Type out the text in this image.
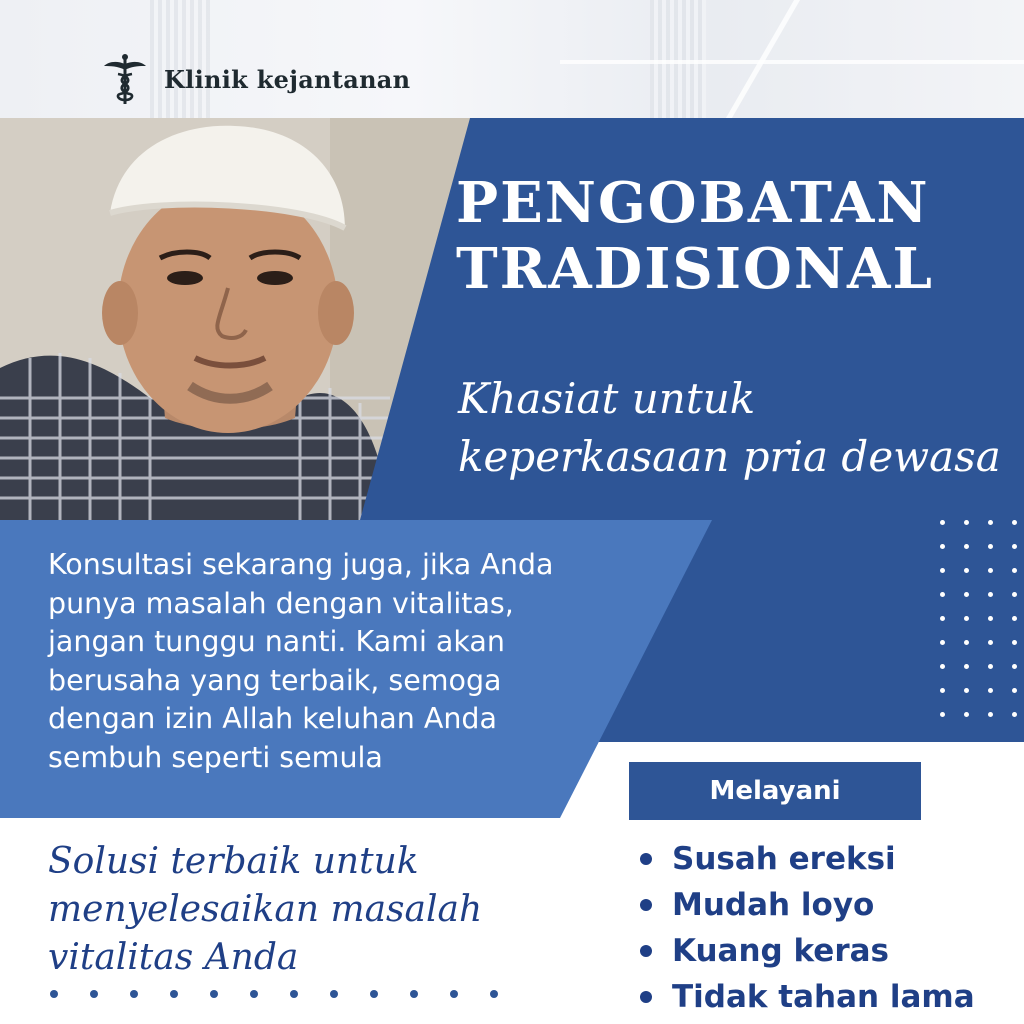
Klinik kejantanan
PENGOBATAN
TRADISIONAL
Khasiat untuk
keperkasaan pria dewasa
Konsultasi sekarang juga, jika Anda
punya masalah dengan vitalitas,
jangan tunggu nanti. Kami akan
berusaha yang terbaik, semoga
dengan izin Allah keluhan Anda
sembuh seperti semula
Solusi terbaik untuk
menyelesaikan masalah
vitalitas Anda
Melayani
Susah ereksi
Mudah loyo
Kuang keras
Tidak tahan lama
